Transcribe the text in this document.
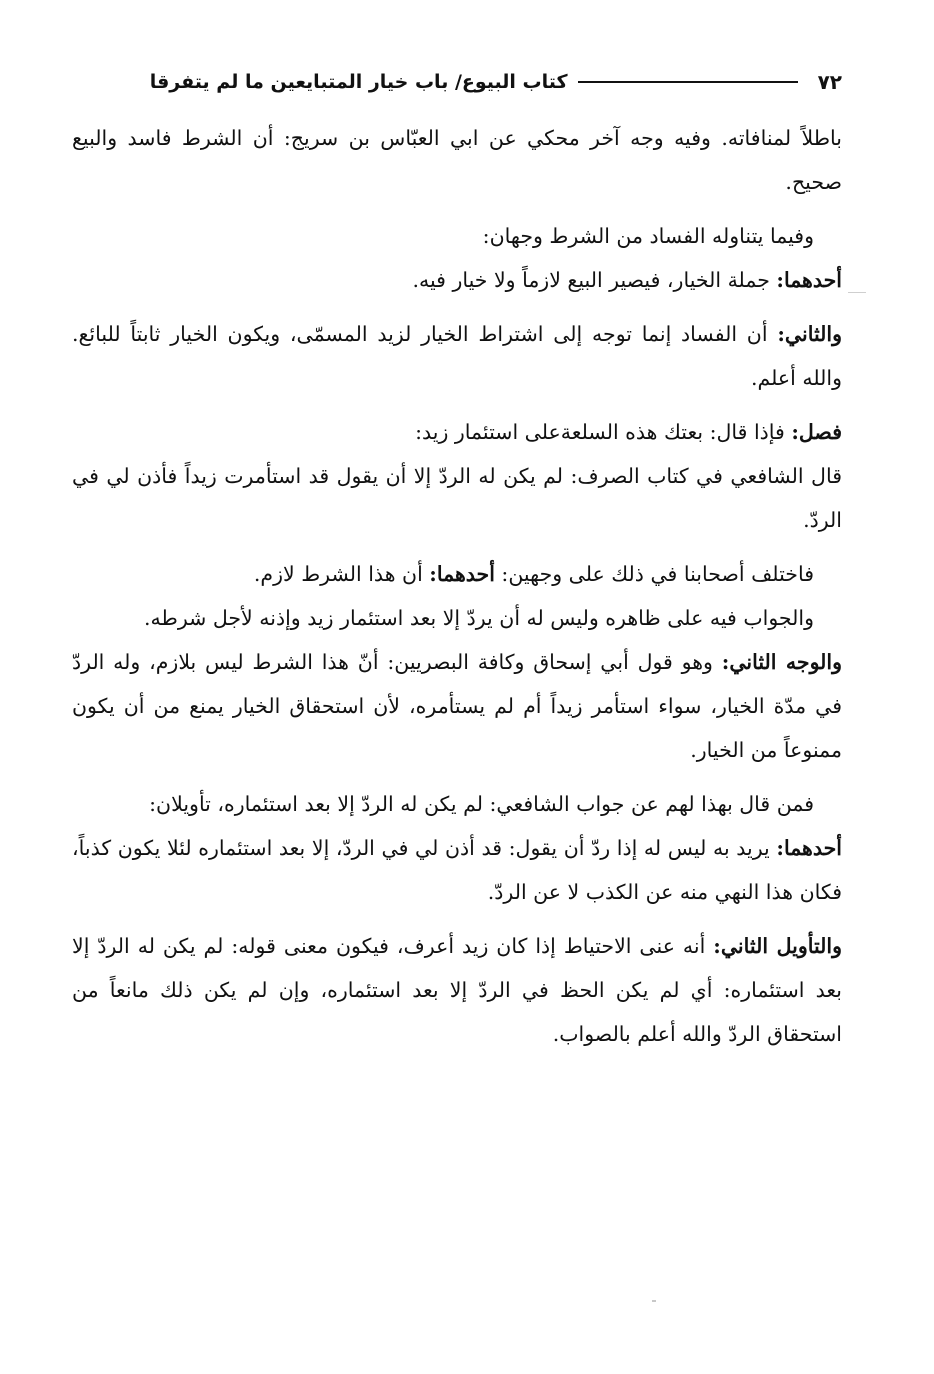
٧٢
كتاب البيوع/ باب خيار المتبايعين ما لم يتفرقا

باطلاً لمنافاته. وفيه وجه آخر محكي عن ابي العبّاس بن سريج: أن الشرط فاسد والبيع صحيح.

وفيما يتناوله الفساد من الشرط وجهان:

أحدهما: جملة الخيار، فيصير البيع لازماً ولا خيار فيه.

والثاني: أن الفساد إنما توجه إلى اشتراط الخيار لزيد المسمّى، ويكون الخيار ثابتاً للبائع. والله أعلم.

فصل: فإذا قال: بعتك هذه السلعةعلى استئمار زيد:

قال الشافعي في كتاب الصرف: لم يكن له الردّ إلا أن يقول قد استأمرت زيداً فأذن لي في الردّ.

فاختلف أصحابنا في ذلك على وجهين: أحدهما: أن هذا الشرط لازم.

والجواب فيه على ظاهره وليس له أن يردّ إلا بعد استئمار زيد وإذنه لأجل شرطه.

والوجه الثاني: وهو قول أبي إسحاق وكافة البصريين: أنّ هذا الشرط ليس بلازم، وله الردّ في مدّة الخيار، سواء استأمر زيداً أم لم يستأمره، لأن استحقاق الخيار يمنع من أن يكون ممنوعاً من الخيار.

فمن قال بهذا لهم عن جواب الشافعي: لم يكن له الردّ إلا بعد استئماره، تأويلان:

أحدهما: يريد به ليس له إذا ردّ أن يقول: قد أذن لي في الردّ، إلا بعد استئماره لئلا يكون كذباً، فكان هذا النهي منه عن الكذب لا عن الردّ.

والتأويل الثاني: أنه عنى الاحتياط إذا كان زيد أعرف، فيكون معنى قوله: لم يكن له الردّ إلا بعد استئماره: أي لم يكن الحظ في الردّ إلا بعد استئماره، وإن لم يكن ذلك مانعاً من استحقاق الردّ والله أعلم بالصواب.
